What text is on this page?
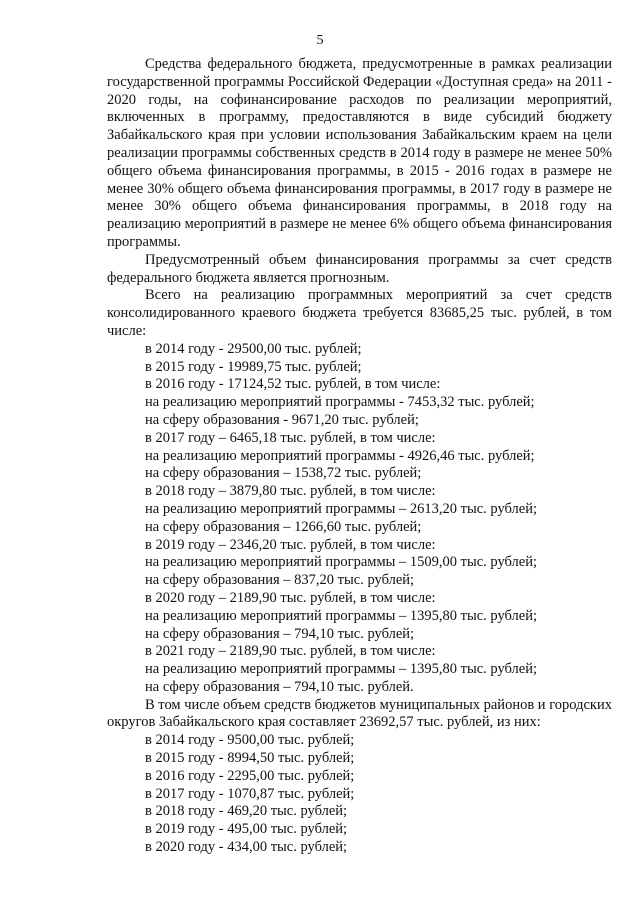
5

Средства федерального бюджета, предусмотренные в рамках реализации государственной программы Российской Федерации «Доступная среда» на 2011 - 2020 годы, на софинансирование расходов по реализации мероприятий, включенных в программу, предоставляются в виде субсидий бюджету Забайкальского края при условии использования Забайкальским краем на цели реализации программы собственных средств в 2014 году в размере не менее 50% общего объема финансирования программы, в 2015 - 2016 годах в размере не менее 30% общего объема финансирования программы, в 2017 году в размере не менее 30% общего объема финансирования программы, в 2018 году на реализацию мероприятий в размере не менее 6% общего объема финансирования программы.

Предусмотренный объем финансирования программы за счет средств федерального бюджета является прогнозным.

Всего на реализацию программных мероприятий за счет средств консолидированного краевого бюджета требуется 83685,25 тыс. рублей, в том числе:

в 2014 году - 29500,00 тыс. рублей;

в 2015 году - 19989,75 тыс. рублей;

в 2016 году - 17124,52 тыс. рублей, в том числе:

на реализацию мероприятий программы - 7453,32 тыс. рублей;

на сферу образования - 9671,20 тыс. рублей;

в 2017 году – 6465,18 тыс. рублей, в том числе:

на реализацию мероприятий программы - 4926,46 тыс. рублей;

на сферу образования – 1538,72 тыс. рублей;

в 2018 году – 3879,80 тыс. рублей, в том числе:

на реализацию мероприятий программы – 2613,20 тыс. рублей;

на сферу образования – 1266,60 тыс. рублей;

в 2019 году – 2346,20 тыс. рублей, в том числе:

на реализацию мероприятий программы – 1509,00 тыс. рублей;

на сферу образования – 837,20 тыс. рублей;

в 2020 году – 2189,90 тыс. рублей, в том числе:

на реализацию мероприятий программы – 1395,80 тыс. рублей;

на сферу образования – 794,10 тыс. рублей;

в 2021 году – 2189,90 тыс. рублей, в том числе:

на реализацию мероприятий программы – 1395,80 тыс. рублей;

на сферу образования – 794,10 тыс. рублей.

В том числе объем средств бюджетов муниципальных районов и городских округов Забайкальского края составляет 23692,57 тыс. рублей, из них:

в 2014 году - 9500,00 тыс. рублей;

в 2015 году - 8994,50 тыс. рублей;

в 2016 году - 2295,00 тыс. рублей;

в 2017 году - 1070,87 тыс. рублей;

в 2018 году - 469,20 тыс. рублей;

в 2019 году - 495,00 тыс. рублей;

в 2020 году - 434,00 тыс. рублей;
